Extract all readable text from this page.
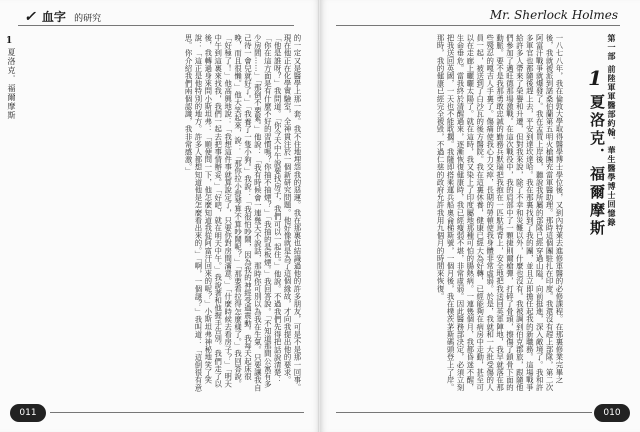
✓ 血字 的研究
1
夏洛克．福爾摩斯	的一定又是醫學上那一套。我不住地埋怨我的惡運。我在那裏也結識過他的許多朋友，可是不是那一回事。現在他正在化學實驗室，全神貫注於一個新研究問題。他好像就是為了這個緣故，才向我提出他的要求。「他是誰呀？」我問道。「你今天中午說要找房子，我們可以一起住。」他說。不過我們先得把話說清楚：「你在這方面是有什麼不好的習慣嗎？你抽不抽煙？」「我抽的是板煙。」我回答說。「不知道那間公寓有多少房間……」「那倒不要緊。」他說：「我有時候會一連幾天不說話，那時你可別以為我在生氣。只要讓我自己待一會兒就好了。」「我養了一隻小狗。」我說：「我很怕吵鬧，因為我的神經受過震動。我每天起床很晚，而且很懶。」他大笑起來，說：「那你拉小提琴算不算吵鬧呢？」「那要看拉得怎麼樣了。」我回答說。「好極了！」他高興地說：「我想這件事就算說定了，只要你對房間滿意。」「什麼時候去看房子？」「明天中午到這裏來找我，我們一起去把事情辦妥。」「好吧，就在明天中午。」我說著和他握手告別。我們走了以後，我轉過身來問小斯坦弗：「順便問一下，他怎麼知道我從阿富汗回來的呢？」小斯坦弗神秘地笑了笑說：「這正是他特別的地方。許多人都想知道他是怎麼看出來的。」「啊，一個謎？」我叫道：「這倒很有意思。你介紹我們兩個認識，我非常感激。」
011
Mr. Sherlock Holmes
第一部 前陸軍軍醫部約翰．華生醫學博士回憶錄
1
夏洛克．福爾摩斯
一八七八年，我在倫敦大學取得醫學博士學位後，又到內特萊去進修軍醫的必修課程。在那裏修業完畢之後，我就被派到諾桑伯蘭第五明火槍團充當軍醫助理。那時這個團駐扎在印度。我還沒有趕上部隊，第二次阿富汗戰爭就爆發了。我在孟買上岸後，聽說我所屬的部隊已經穿過山隘，向前挺進，深入敵境了。我和許多軍官也都隨後趕上去，平安到達坎達哈。我在那裏找到了我的團，並且立即擔任起我的新職務。這場戰爭給許多人帶來了榮譽和升遷，但對我來說，除了不幸和災難以外，什麼也沒有。我被調到伯克郡旅，跟隨他們參加了邁旺德那場激戰。在這次戰役中，我的肩部中了一顆捷則爾槍彈，打碎了骨頭，擦傷了鎖骨下面的動脈。要不是我那勇敢忠誠的勤務兵默瑞把我抱在一匹馱馬背上，安全地把我送回英軍陣地，我早就落在那些殘忍的嘎吉人手裏了。傷痛使我心力交瘁，長期的勞頓使我身體非常虛弱。於是，我就和一大批受傷的人員一起，被送到了白沙瓦的後方醫院。我在這裏休養，健康已經大為好轉，已經能夠在病房中走動，甚至可以在走廊上曬曬太陽了。就在這時，我又染上了印度屬地那種可怕的腸熱病。一連幾個月，我都昏迷不醒，生命垂危。當我終於清醒過來，逐漸恢復健康時，我已經瘦弱不堪，非常虛弱。因此醫務部決定，必須立刻把我送回英國，一天也不能耽擱。我隨即搭乘運兵船奧侖梯斯號，一個月後，我在樸茨茅斯碼頭登上了岸。那時，我的健康已經完全被毀，不過仁慈的政府允許我用九個月的時間來恢復。
010
